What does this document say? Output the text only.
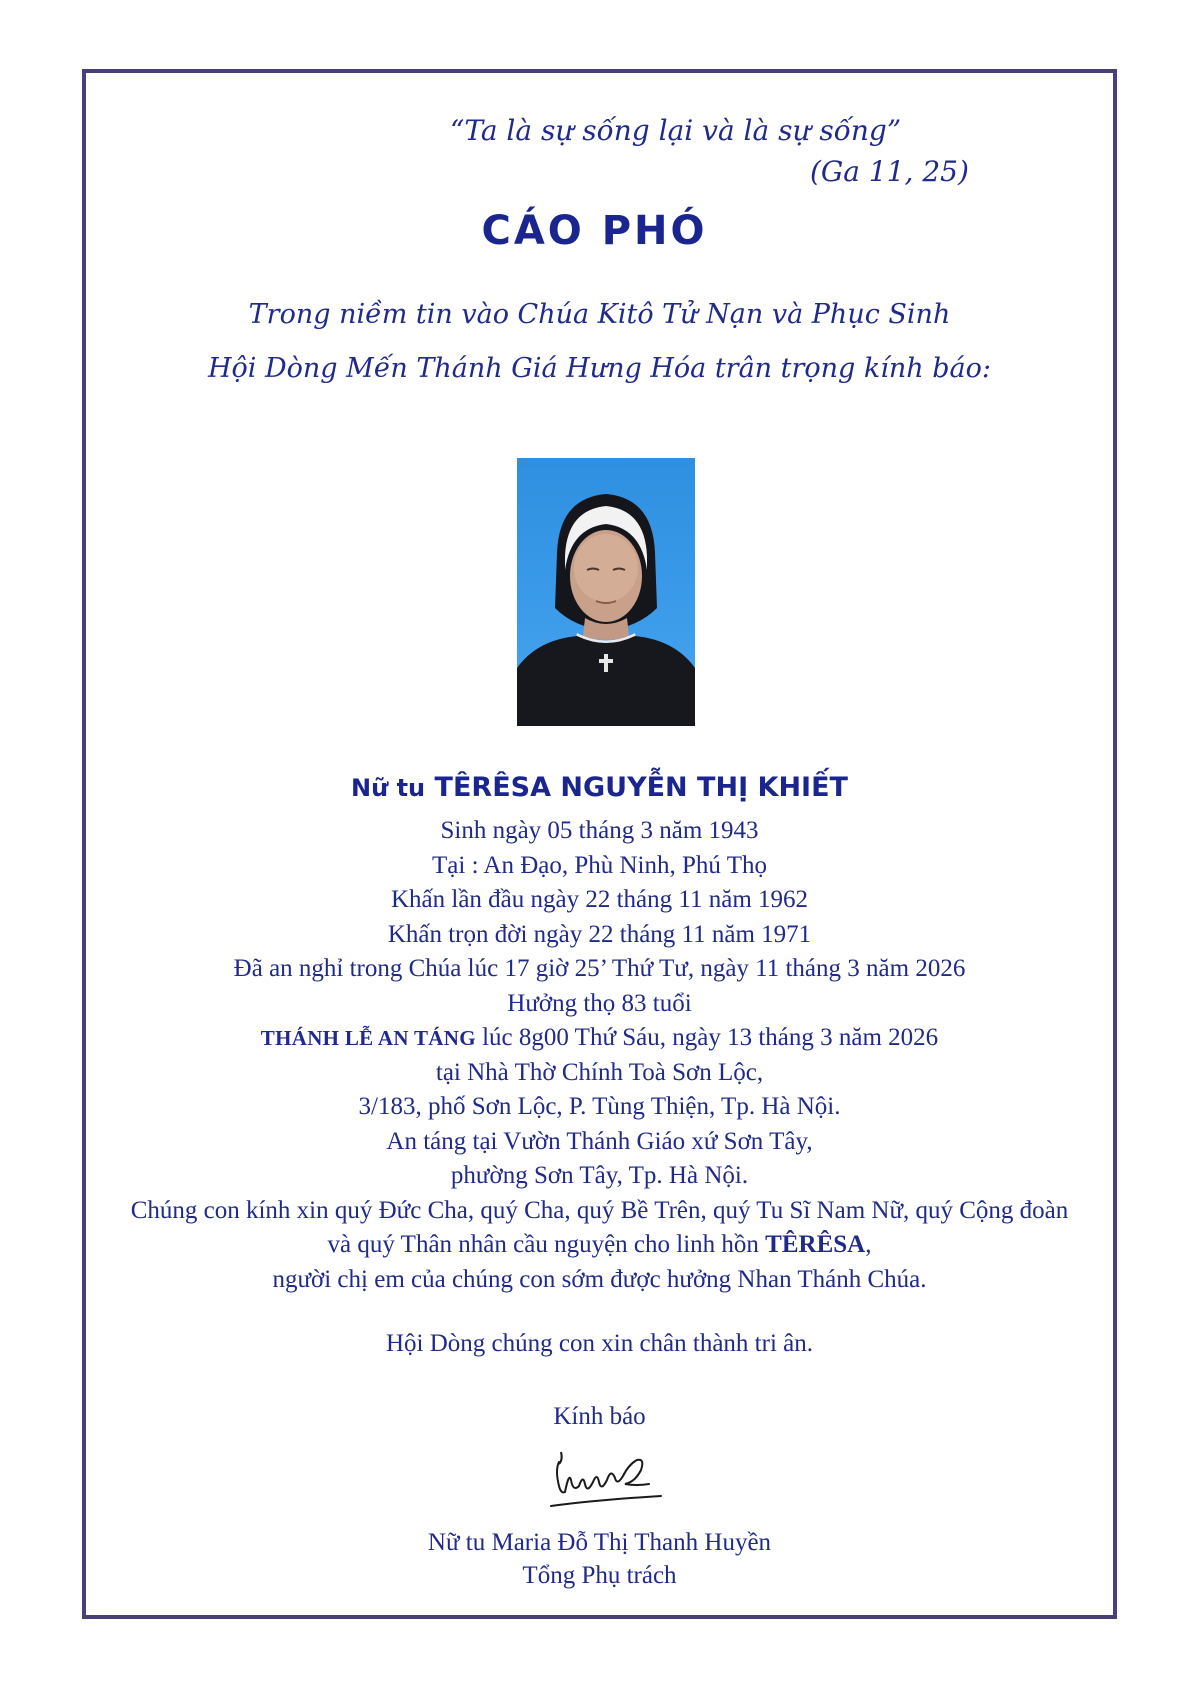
“Ta là sự sống lại và là sự sống”
(Ga 11, 25)
CÁO PHÓ
Trong niềm tin vào Chúa Kitô Tử Nạn và Phục Sinh
Hội Dòng Mến Thánh Giá Hưng Hóa trân trọng kính báo:
Nữ tu TÊRÊSA NGUYỄN THỊ KHIẾT
Sinh ngày 05 tháng 3 năm 1943
Tại : An Đạo, Phù Ninh, Phú Thọ
Khấn lần đầu ngày 22 tháng 11 năm 1962
Khấn trọn đời ngày 22 tháng 11 năm 1971
Đã an nghỉ trong Chúa lúc 17 giờ 25’ Thứ Tư, ngày 11 tháng 3 năm 2026
Hưởng thọ 83 tuổi
THÁNH LỄ AN TÁNG lúc 8g00 Thứ Sáu, ngày 13 tháng 3 năm 2026
tại Nhà Thờ Chính Toà Sơn Lộc,
3/183, phố Sơn Lộc, P. Tùng Thiện, Tp. Hà Nội.
An táng tại Vườn Thánh Giáo xứ Sơn Tây,
phường Sơn Tây, Tp. Hà Nội.
Chúng con kính xin quý Đức Cha, quý Cha, quý Bề Trên, quý Tu Sĩ Nam Nữ, quý Cộng đoàn
và quý Thân nhân cầu nguyện cho linh hồn TÊRÊSA,
người chị em của chúng con sớm được hưởng Nhan Thánh Chúa.
Hội Dòng chúng con xin chân thành tri ân.
Kính báo
Nữ tu Maria Đỗ Thị Thanh Huyền
Tổng Phụ trách
